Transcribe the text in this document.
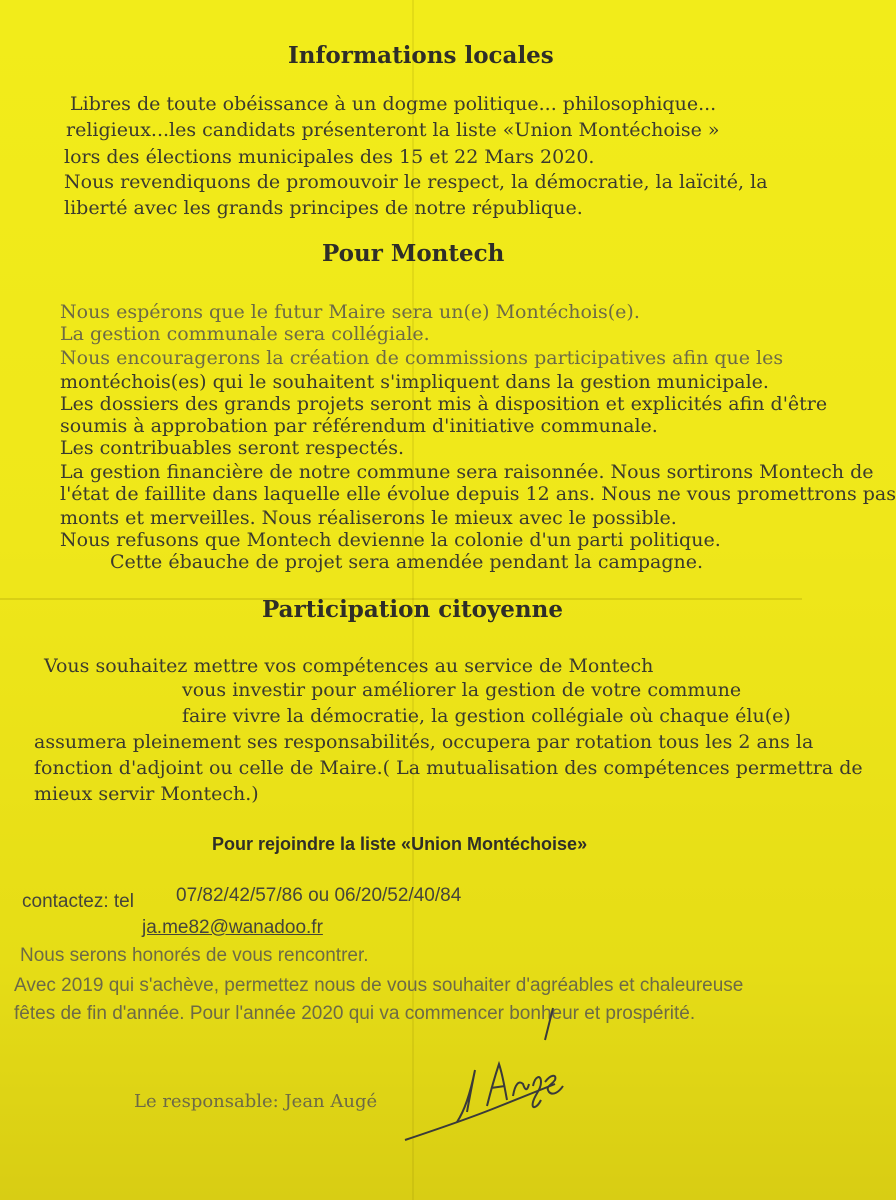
Informations locales
Libres de toute obéissance à un dogme politique... philosophique...
religieux...les candidats présenteront la liste «Union Montéchoise »
lors des élections municipales des 15 et 22 Mars 2020.
Nous revendiquons de promouvoir le respect, la démocratie, la laïcité, la
liberté avec les grands principes de notre république.
Pour Montech
Nous espérons que le futur Maire sera un(e) Montéchois(e).
La gestion communale sera collégiale.
Nous encouragerons la création de commissions participatives afin que les
montéchois(es) qui le souhaitent s'impliquent dans la gestion municipale.
Les dossiers des grands projets seront mis à disposition et explicités afin d'être
soumis à approbation par référendum d'initiative communale.
Les contribuables seront respectés.
La gestion financière de notre commune sera raisonnée. Nous sortirons Montech de
l'état de faillite dans laquelle elle évolue depuis 12 ans. Nous ne vous promettrons pas
monts et merveilles. Nous réaliserons le mieux avec le possible.
Nous refusons que Montech devienne la colonie d'un parti politique.
Cette ébauche de projet sera amendée pendant la campagne.
Participation citoyenne
Vous souhaitez mettre vos compétences au service de Montech
vous investir pour améliorer la gestion de votre commune
faire vivre la démocratie, la gestion collégiale où chaque élu(e)
assumera pleinement ses responsabilités, occupera par rotation tous les 2 ans la
fonction d'adjoint ou celle de Maire.( La mutualisation des compétences permettra de
mieux servir Montech.)
Pour rejoindre la liste «Union Montéchoise»
contactez: tel 07/82/42/57/86 ou 06/20/52/40/84
ja.me82@wanadoo.fr
Nous serons honorés de vous rencontrer.
Avec 2019 qui s'achève, permettez nous de vous souhaiter d'agréables et chaleureuse
fêtes de fin d'année. Pour l'année 2020 qui va commencer bonheur et prospérité.
Le responsable: Jean Augé
